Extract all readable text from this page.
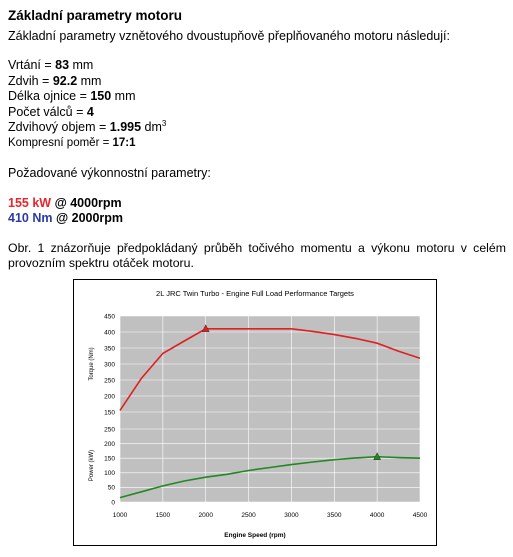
Základní parametry motoru

Základní parametry vznětového dvoustupňově přeplňovaného motoru následují:

Vrtání = 83 mm
Zdvih = 92.2 mm
Délka ojnice = 150 mm
Počet válců = 4
Zdvihový objem = 1.995 $dm^3$
Kompresní poměr = 17:1

Požadované výkonnostní parametry:

155 kW @ 4000rpm
410 Nm @ 2000rpm

Obr. 1 znázorňuje předpokládaný průběh točivého momentu a výkonu motoru v celém provozním spektru otáček motoru.

2L JRC Twin Turbo - Engine Full Load Performance Targets
Engine Speed (rpm)
1000	1500	2000	2500	3000	3500	4000	4500
150
200
250
300
350
400
450
Torque (Nm)
0
50
100
150
200
250
Power (kW)
